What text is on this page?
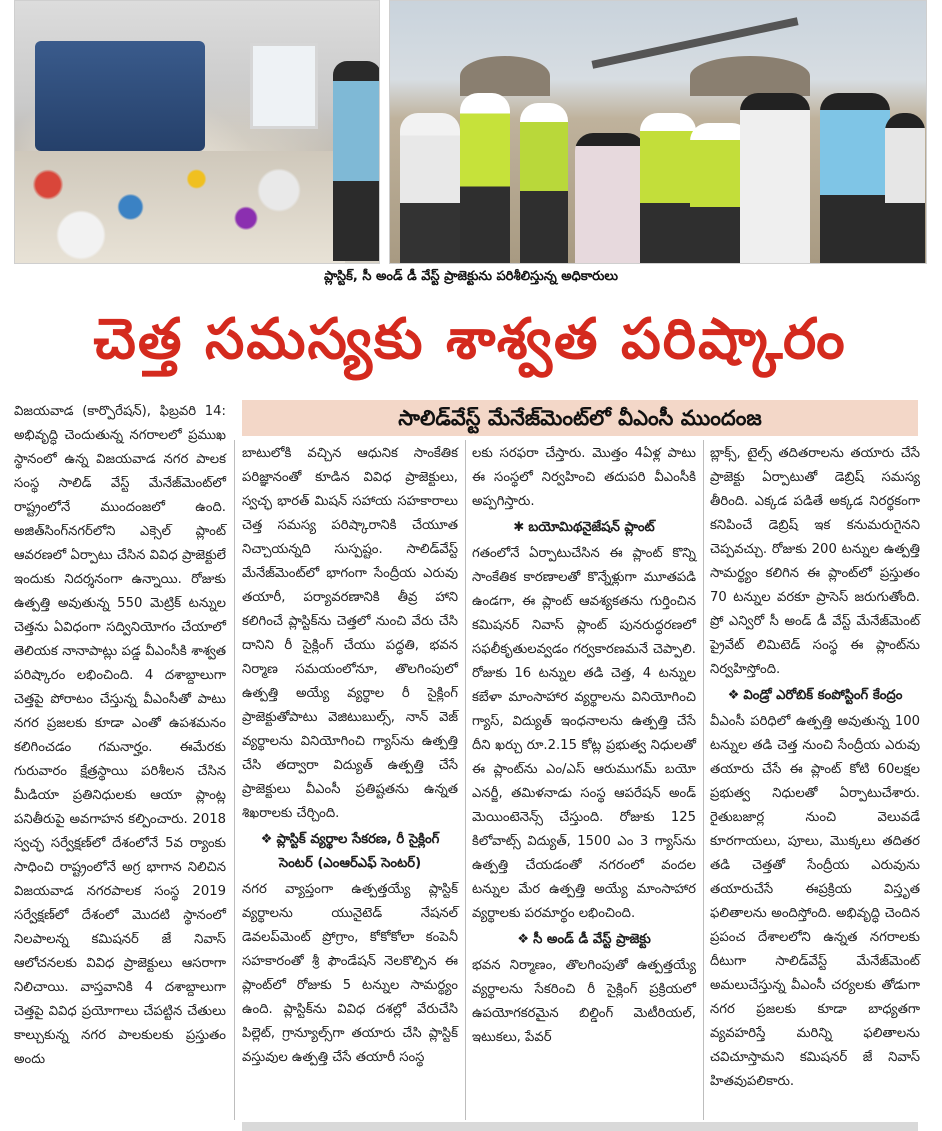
ప్లాస్టిక్, సీ అండ్ డీ వేస్ట్ ప్రాజెక్టును పరిశీలిస్తున్న అధికారులు
చెత్త సమస్యకు శాశ్వత పరిష్కారం
సాలిడ్‌వేస్ట్ మేనేజ్‌మెంట్‌లో వీఎంసీ ముందంజ

విజయవాడ (కార్పొరేషన్), ఫిబ్రవరి 14: అభివృద్ధి చెందుతున్న నగరాలలో ప్రముఖ స్థానంలో ఉన్న విజయవాడ నగర పాలక సంస్థ సాలిడ్ వేస్ట్ మేనేజ్‌మెంట్‌లో రాష్ట్రంలోనే ముందంజలో ఉంది. అజిత్‌సింగ్‌నగర్‌లోని ఎక్సెల్ ప్లాంట్ ఆవరణలో ఏర్పాటు చేసిన వివిధ ప్రాజెక్టులే ఇందుకు నిదర్శనంగా ఉన్నాయి. రోజుకు ఉత్పత్తి అవుతున్న 550 మెట్రిక్ టన్నుల చెత్తను ఏవిధంగా సద్వినియోగం చేయాలో తెలియక నానాపాట్లు పడ్డ వీఎంసీకి శాశ్వత పరిష్కారం లభించింది. 4 దశాబ్దాలుగా చెత్తపై పోరాటం చేస్తున్న వీఎంసీతో పాటు నగర ప్రజలకు కూడా ఎంతో ఉపశమనం కలిగించడం గమనార్హం. ఈమేరకు గురువారం క్షేత్రస్థాయి పరిశీలన చేసిన మీడియా ప్రతినిధులకు ఆయా ప్లాంట్ల పనితీరుపై అవగాహన కల్పించారు. 2018 స్వచ్ఛ సర్వేక్షణ్‌లో దేశంలోనే 5వ ర్యాంకు సాధించి రాష్ట్రంలోనే అగ్ర భాగాన నిలిచిన విజయవాడ నగరపాలక సంస్థ 2019 సర్వేక్షణ్‌లో దేశంలో మొదటి స్థానంలో నిలపాలన్న కమిషనర్ జే నివాస్ ఆలోచనలకు వివిధ ప్రాజెక్టులు ఆసరాగా నిలిచాయి. వాస్తవానికి 4 దశాబ్దాలుగా చెత్తపై వివిధ ప్రయోగాలు చేపట్టిన చేతులు కాల్చుకున్న నగర పాలకులకు ప్రస్తుతం అందు

బాటులోకి వచ్చిన ఆధునిక సాంకేతిక పరిజ్ఞానంతో కూడిన వివిధ ప్రాజెక్టులు, స్వచ్ఛ భారత్ మిషన్ సహాయ సహకారాలు చెత్త సమస్య పరిష్కారానికి చేయూత నిచ్చాయన్నది సుస్పష్టం. సాలిడ్‌వేస్ట్ మేనేజ్‌మెంట్‌లో భాగంగా సేంద్రీయ ఎరువు తయారీ, పర్యావరణానికి తీవ్ర హాని కలిగించే ప్లాస్టిక్‌ను చెత్తలో నుంచి వేరు చేసి దానిని రీ సైక్లింగ్ చేయు పద్ధతి, భవన నిర్మాణ సమయంలోనూ, తొలగింపులో ఉత్పత్తి అయ్యే వ్యర్థాల రీ సైక్లింగ్ ప్రాజెక్టుతోపాటు వెజిటుబుల్స్, నాన్ వెజ్ వ్యర్థాలను వినియోగించి గ్యాస్‌ను ఉత్పత్తి చేసి తద్వారా విద్యుత్ ఉత్పత్తి చేసే ప్రాజెక్టులు వీఎంసీ ప్రతిష్టతను ఉన్నత శిఖరాలకు చేర్చింది.

❖ ప్లాస్టిక్ వ్యర్థాల సేకరణ, రీ సైక్లింగ్ సెంటర్ (ఎంఆర్ఎఫ్ సెంటర్)

నగర వ్యాప్తంగా ఉత్పత్తయ్యే ప్లాస్టిక్ వ్యర్థాలను యునైటెడ్ నేషనల్ డెవలప్‌మెంట్ ప్రోగ్రాం, కోకోకోలా కంపెనీ సహకారంతో శ్రీ ఫౌండేషన్ నెలకొల్పిన ఈ ప్లాంట్‌లో రోజుకు 5 టన్నుల సామర్థ్యం ఉంది. ప్లాస్టిక్‌ను వివిధ దశల్లో వేరుచేసి పిల్లెట్, గ్రాన్యూల్స్‌గా తయారు చేసి ప్లాస్టిక్ వస్తువుల ఉత్పత్తి చేసే తయారీ సంస్థ

లకు సరఫరా చేస్తారు. మొత్తం 4ఏళ్ల పాటు ఈ సంస్థలో నిర్వహించి తదుపరి వీఎంసీకి అప్పగిస్తారు.

✱ బయోమిథనైజేషన్ ప్లాంట్

గతంలోనే ఏర్పాటుచేసిన ఈ ప్లాంట్ కొన్ని సాంకేతిక కారణాలతో కొన్నేళ్లుగా మూతపడి ఉండగా, ఈ ప్లాంట్ ఆవశ్యకతను గుర్తించిన కమిషనర్ నివాస్ ప్లాంట్ పునరుద్ధరణలో సఫలీకృతులవ్వడం గర్వకారణమనే చెప్పాలి. రోజుకు 16 టన్నుల తడి చెత్త, 4 టన్నుల కబేళా మాంసాహార వ్యర్థాలను వినియోగించి గ్యాస్, విద్యుత్ ఇంధనాలను ఉత్పత్తి చేసే దీని ఖర్చు రూ.2.15 కోట్ల ప్రభుత్వ నిధులతో ఈ ప్లాంట్‌ను ఎం/ఎస్ ఆరుముగమ్ బయో ఎనర్జీ, తమిళనాడు సంస్థ ఆపరేషన్ అండ్ మెయింటెనెన్స్ చేస్తుంది. రోజుకు 125 కిలోవాట్స్ విద్యుత్, 1500 ఎం 3 గ్యాస్‌ను ఉత్పత్తి చేయడంతో నగరంలో వందల టన్నుల మేర ఉత్పత్తి అయ్యే మాంసాహార వ్యర్థాలకు పరమార్థం లభించింది.

❖ సీ అండ్ డీ వేస్ట్ ప్రాజెక్టు

భవన నిర్మాణం, తొలగింపుతో ఉత్పత్తయ్యే వ్యర్థాలను సేకరించి రీ సైక్లింగ్ ప్రక్రియలో ఉపయోగకరమైన బిల్డింగ్ మెటీరియల్, ఇటుకలు, పేవర్

బ్లాక్స్, టైల్స్ తదితరాలను తయారు చేసే ప్రాజెక్టు ఏర్పాటుతో డెబ్రిష్ సమస్య తీరింది. ఎక్కడ పడితే అక్కడ నిరర్థకంగా కనిపించే డెబ్రిష్ ఇక కనుమరుగైనని చెప్పవచ్చు. రోజుకు 200 టన్నుల ఉత్పత్తి సామర్థ్యం కలిగిన ఈ ప్లాంట్‌లో ప్రస్తుతం 70 టన్నుల వరకూ ప్రాసెస్ జరుగుతోంది. ప్రో ఎన్విరో సీ అండ్ డీ వేస్ట్ మేనేజ్‌మెంట్ ప్రైవేట్ లిమిటెడ్ సంస్థ ఈ ప్లాంట్‌ను నిర్వహిస్తోంది.

❖ విండ్రో ఎరోబిక్ కంపోస్టింగ్ కేంద్రం

వీఎంసీ పరిధిలో ఉత్పత్తి అవుతున్న 100 టన్నుల తడి చెత్త నుంచి సేంద్రీయ ఎరువు తయారు చేసే ఈ ప్లాంట్ కోటి 60లక్షల ప్రభుత్వ నిధులతో ఏర్పాటుచేశారు. రైతుబజార్ల నుంచి వెలువడే కూరగాయలు, పూలు, మొక్కలు తదితర తడి చెత్తతో సేంద్రీయ ఎరువును తయారుచేసే ఈప్రక్రియ విస్తృత ఫలితాలను అందిస్తోంది. అభివృద్ధి చెందిన ప్రపంచ దేశాలలోని ఉన్నత నగరాలకు దీటుగా సాలిడ్‌వేస్ట్ మేనేజ్‌మెంట్ అమలుచేస్తున్న వీఎంసీ చర్యలకు తోడుగా నగర ప్రజలకు కూడా బాధ్యతగా వ్యవహరిస్తే మరిన్ని ఫలితాలను చవిచూస్తామని కమిషనర్ జే నివాస్ హితవుపలికారు.
